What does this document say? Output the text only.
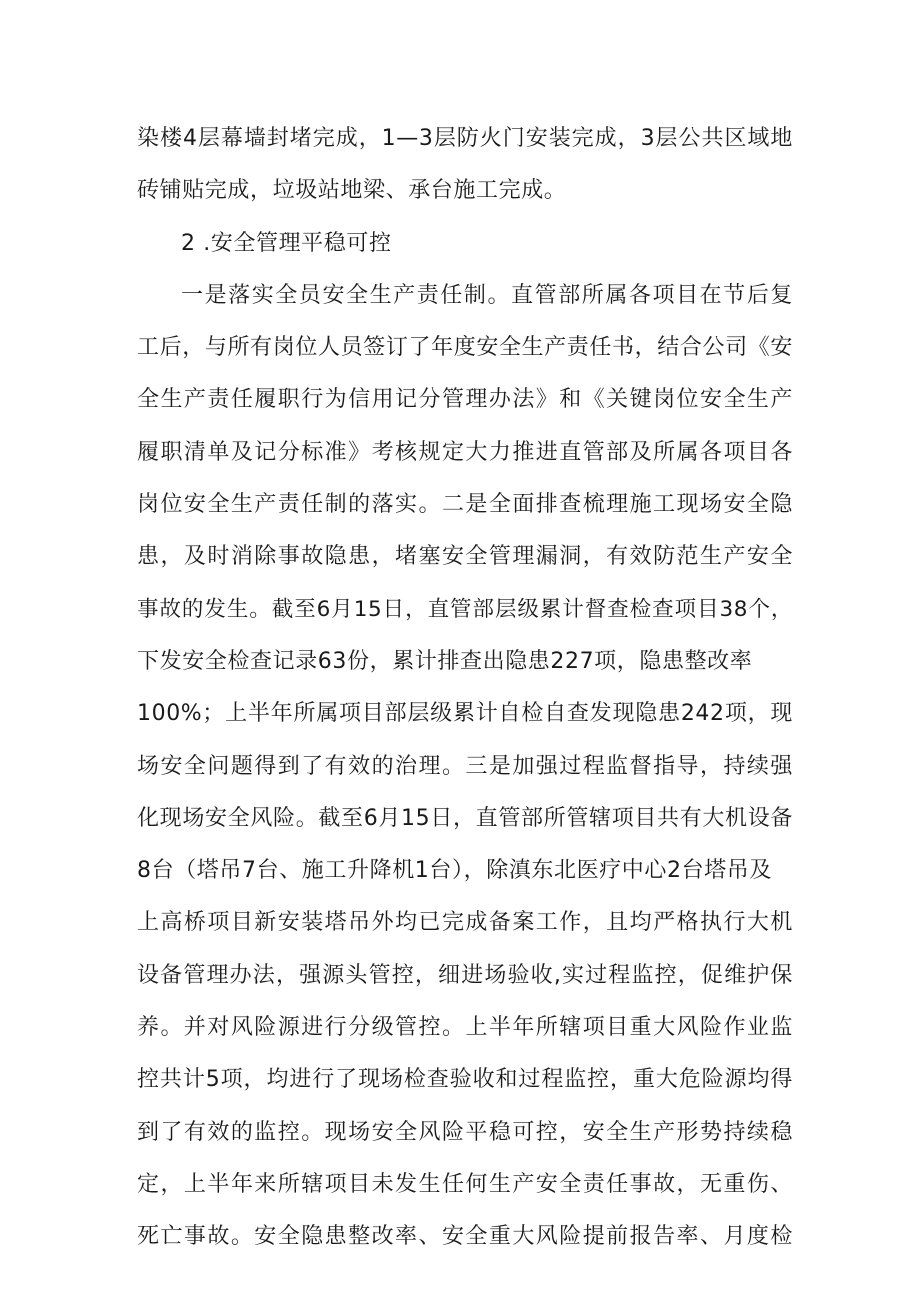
染楼4层幕墙封堵完成，1—3层防火门安装完成，3层公共区域地
砖铺贴完成，垃圾站地梁、承台施工完成。
2 .安全管理平稳可控
一是落实全员安全生产责任制。直管部所属各项目在节后复
工后，与所有岗位人员签订了年度安全生产责任书，结合公司《安
全生产责任履职行为信用记分管理办法》和《关键岗位安全生产
履职清单及记分标准》考核规定大力推进直管部及所属各项目各
岗位安全生产责任制的落实。二是全面排查梳理施工现场安全隐
患，及时消除事故隐患，堵塞安全管理漏洞，有效防范生产安全
事故的发生。截至6月15日，直管部层级累计督查检查项目38个，
下发安全检查记录63份，累计排查出隐患227项，隐患整改率
100%；上半年所属项目部层级累计自检自查发现隐患242项，现
场安全问题得到了有效的治理。三是加强过程监督指导，持续强
化现场安全风险。截至6月15日，直管部所管辖项目共有大机设备
8台（塔吊7台、施工升降机1台），除滇东北医疗中心2台塔吊及
上高桥项目新安装塔吊外均已完成备案工作，且均严格执行大机
设备管理办法，强源头管控，细进场验收,实过程监控，促维护保
养。并对风险源进行分级管控。上半年所辖项目重大风险作业监
控共计5项，均进行了现场检查验收和过程监控，重大危险源均得
到了有效的监控。现场安全风险平稳可控，安全生产形势持续稳
定，上半年来所辖项目未发生任何生产安全责任事故，无重伤、
死亡事故。安全隐患整改率、安全重大风险提前报告率、月度检
